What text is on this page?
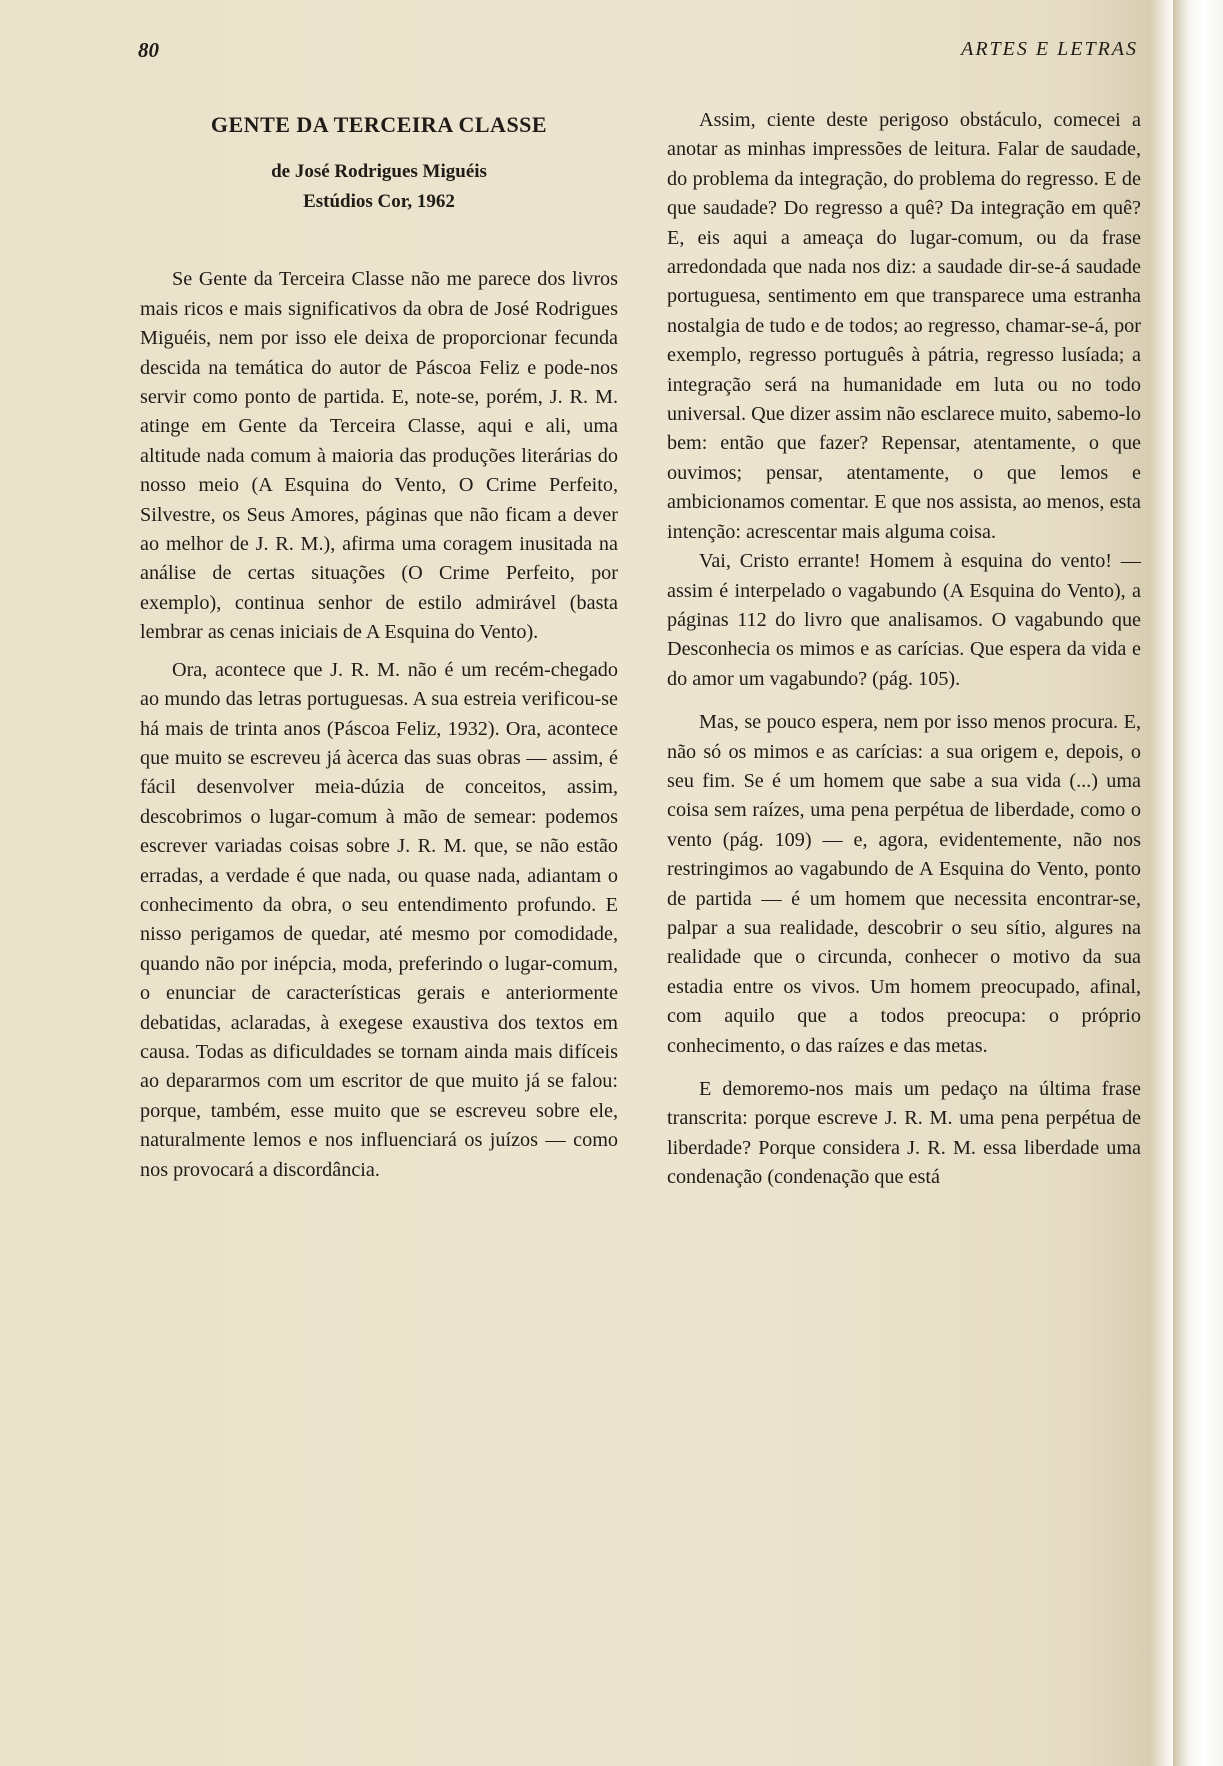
80	ARTES E LETRAS
GENTE DA TERCEIRA CLASSE
de José Rodrigues Miguéis
Estúdios Cor, 1962

Se Gente da Terceira Classe não me parece dos livros mais ricos e mais significativos da obra de José Rodrigues Miguéis, nem por isso ele deixa de proporcionar fecunda descida na temática do autor de Páscoa Feliz e pode-nos servir como ponto de partida. E, note-se, porém, J. R. M. atinge em Gente da Terceira Classe, aqui e ali, uma altitude nada comum à maioria das produções literárias do nosso meio (A Esquina do Vento, O Crime Perfeito, Silvestre, os Seus Amores, páginas que não ficam a dever ao melhor de J. R. M.), afirma uma coragem inusitada na análise de certas situações (O Crime Perfeito, por exemplo), continua senhor de estilo admirável (basta lembrar as cenas iniciais de A Esquina do Vento).

Ora, acontece que J. R. M. não é um recém-chegado ao mundo das letras portuguesas. A sua estreia verificou-se há mais de trinta anos (Páscoa Feliz, 1932). Ora, acontece que muito se escreveu já àcerca das suas obras — assim, é fácil desenvolver meia-dúzia de conceitos, assim, descobrimos o lugar-comum à mão de semear: podemos escrever variadas coisas sobre J. R. M. que, se não estão erradas, a verdade é que nada, ou quase nada, adiantam o conhecimento da obra, o seu entendimento profundo. E nisso perigamos de quedar, até mesmo por comodidade, quando não por inépcia, moda, preferindo o lugar-comum, o enunciar de características gerais e anteriormente debatidas, aclaradas, à exegese exaustiva dos textos em causa. Todas as dificuldades se tornam ainda mais difíceis ao depararmos com um escritor de que muito já se falou: porque, também, esse muito que se escreveu sobre ele, naturalmente lemos e nos influenciará os juízos — como nos provocará a discordância.

Assim, ciente deste perigoso obstáculo, comecei a anotar as minhas impressões de leitura. Falar de saudade, do problema da integração, do problema do regresso. E de que saudade? Do regresso a quê? Da integração em quê? E, eis aqui a ameaça do lugar-comum, ou da frase arredondada que nada nos diz: a saudade dir-se-á saudade portuguesa, sentimento em que transparece uma estranha nostalgia de tudo e de todos; ao regresso, chamar-se-á, por exemplo, regresso português à pátria, regresso lusíada; a integração será na humanidade em luta ou no todo universal. Que dizer assim não esclarece muito, sabemo-lo bem: então que fazer? Repensar, atentamente, o que ouvimos; pensar, atentamente, o que lemos e ambicionamos comentar. E que nos assista, ao menos, esta intenção: acrescentar mais alguma coisa.

Vai, Cristo errante! Homem à esquina do vento! — assim é interpelado o vagabundo (A Esquina do Vento), a páginas 112 do livro que analisamos. O vagabundo que Desconhecia os mimos e as carícias. Que espera da vida e do amor um vagabundo? (pág. 105).

Mas, se pouco espera, nem por isso menos procura. E, não só os mimos e as carícias: a sua origem e, depois, o seu fim. Se é um homem que sabe a sua vida (...) uma coisa sem raízes, uma pena perpétua de liberdade, como o vento (pág. 109) — e, agora, evidentemente, não nos restringimos ao vagabundo de A Esquina do Vento, ponto de partida — é um homem que necessita encontrar-se, palpar a sua realidade, descobrir o seu sítio, algures na realidade que o circunda, conhecer o motivo da sua estadia entre os vivos. Um homem preocupado, afinal, com aquilo que a todos preocupa: o próprio conhecimento, o das raízes e das metas.

E demoremo-nos mais um pedaço na última frase transcrita: porque escreve J. R. M. uma pena perpétua de liberdade? Porque considera J. R. M. essa liberdade uma condenação (condenação que está
